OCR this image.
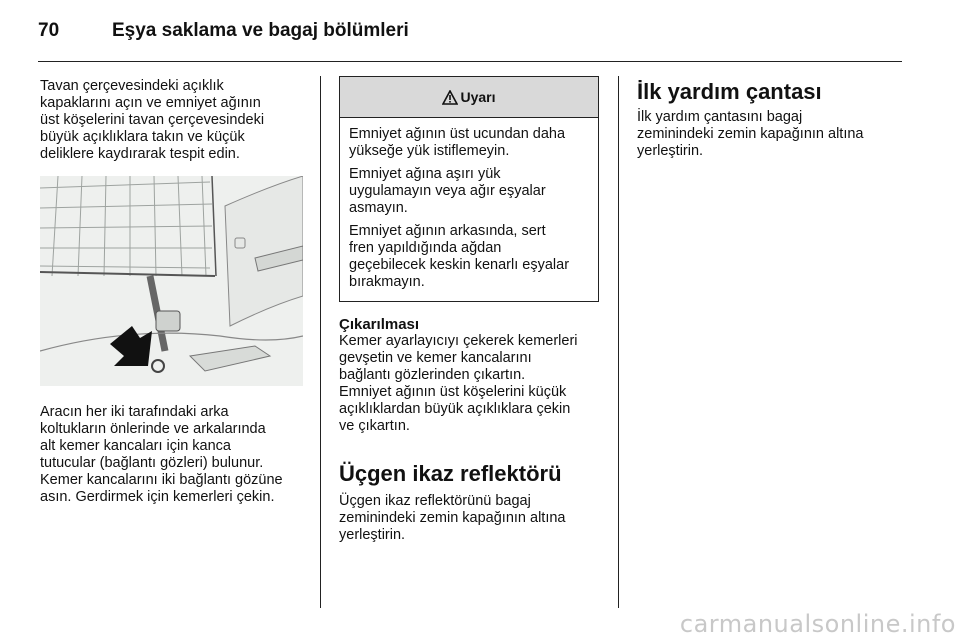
70	Eşya saklama ve bagaj bölümleri

Tavan çerçevesindeki açıklık
kapaklarını açın ve emniyet ağının
üst köşelerini tavan çerçevesindeki
büyük açıklıklara takın ve küçük
deliklere kaydırarak tespit edin.

Aracın her iki tarafındaki arka
koltukların önlerinde ve arkalarında
alt kemer kancaları için kanca
tutucular (bağlantı gözleri) bulunur.
Kemer kancalarını iki bağlantı gözüne
asın. Gerdirmek için kemerleri çekin.

Uyarı

Emniyet ağının üst ucundan daha
yükseğe yük istiflemeyin.

Emniyet ağına aşırı yük
uygulamayın veya ağır eşyalar
asmayın.

Emniyet ağının arkasında, sert
fren yapıldığında ağdan
geçebilecek keskin kenarlı eşyalar
bırakmayın.

Çıkarılması

Kemer ayarlayıcıyı çekerek kemerleri
gevşetin ve kemer kancalarını
bağlantı gözlerinden çıkartın.
Emniyet ağının üst köşelerini küçük
açıklıklardan büyük açıklıklara çekin
ve çıkartın.

Üçgen ikaz reflektörü

Üçgen ikaz reflektörünü bagaj
zeminindeki zemin kapağının altına
yerleştirin.

İlk yardım çantası

İlk yardım çantasını bagaj
zeminindeki zemin kapağının altına
yerleştirin.

carmanualsonline.info
